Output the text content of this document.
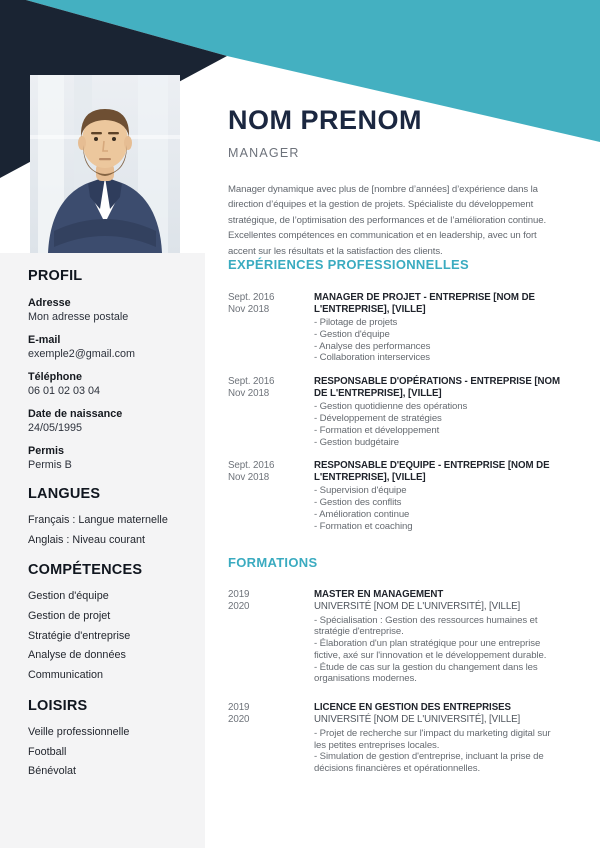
PROFIL
Adresse
Mon adresse postale
E-mail
exemple2@gmail.com
Téléphone
06 01 02 03 04
Date de naissance
24/05/1995
Permis
Permis B
LANGUES
Français : Langue maternelle
Anglais : Niveau courant
COMPÉTENCES
Gestion d'équipe
Gestion de projet
Stratégie d'entreprise
Analyse de données
Communication
LOISIRS
Veille professionnelle
Football
Bénévolat
NOM PRENOM
MANAGER
Manager dynamique avec plus de [nombre d’années] d’expérience dans la direction d’équipes et la gestion de projets. Spécialiste du développement stratégique, de l’optimisation des performances et de l’amélioration continue. Excellentes compétences en communication et en leadership, avec un fort accent sur les résultats et la satisfaction des clients.
EXPÉRIENCES PROFESSIONNELLES
Sept. 2016
Nov 2018
MANAGER DE PROJET - ENTREPRISE [NOM DE L'ENTREPRISE], [VILLE]
- Pilotage de projets
- Gestion d'équipe
- Analyse des performances
- Collaboration interservices
Sept. 2016
Nov 2018
RESPONSABLE D'OPÉRATIONS - ENTREPRISE [NOM DE L'ENTREPRISE], [VILLE]
- Gestion quotidienne des opérations
- Développement de stratégies
- Formation et développement
- Gestion budgétaire
Sept. 2016
Nov 2018
RESPONSABLE D'EQUIPE - ENTREPRISE [NOM DE L'ENTREPRISE], [VILLE]
- Supervision d'équipe
- Gestion des conflits
- Amélioration continue
- Formation et coaching
FORMATIONS
2019
2020
MASTER EN MANAGEMENT
UNIVERSITÉ [NOM DE L'UNIVERSITÉ], [VILLE]
- Spécialisation : Gestion des ressources humaines et stratégie d'entreprise.
- Élaboration d'un plan stratégique pour une entreprise fictive, axé sur l'innovation et le développement durable.
- Étude de cas sur la gestion du changement dans les organisations modernes.
2019
2020
LICENCE EN GESTION DES ENTREPRISES
UNIVERSITÉ [NOM DE L'UNIVERSITÉ], [VILLE]
- Projet de recherche sur l'impact du marketing digital sur les petites entreprises locales.
- Simulation de gestion d'entreprise, incluant la prise de décisions financières et opérationnelles.
